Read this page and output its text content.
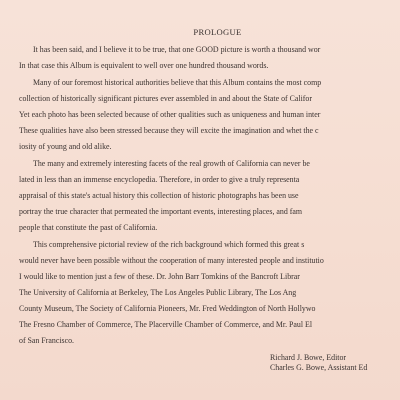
PROLOGUE
It has been said, and I believe it to be true, that one GOOD picture is worth a thousand wor
In that case this Album is equivalent to well over one hundred thousand words.
Many of our foremost historical authorities believe that this Album contains the most comp
collection of historically significant pictures ever assembled in and about the State of Califor
Yet each photo has been selected because of other qualities such as uniqueness and human inter
These qualities have also been stressed because they will excite the imagination and whet the c
iosity of young and old alike.
The many and extremely interesting facets of the real growth of California can never be
lated in less than an immense encyclopedia. Therefore, in order to give a truly representa
appraisal of this state's actual history this collection of historic photographs has been use
portray the true character that permeated the important events, interesting places, and fam
people that constitute the past of California.
This comprehensive pictorial review of the rich background which formed this great s
would never have been possible without the cooperation of many interested people and institutio
I would like to mention just a few of these. Dr. John Barr Tomkins of the Bancroft Librar
The University of California at Berkeley, The Los Angeles Public Library, The Los Ang
County Museum, The Society of California Pioneers, Mr. Fred Weddington of North Hollywo
The Fresno Chamber of Commerce, The Placerville Chamber of Commerce, and Mr. Paul El
of San Francisco.
Richard J. Bowe, Editor
Charles G. Bowe, Assistant Ed
